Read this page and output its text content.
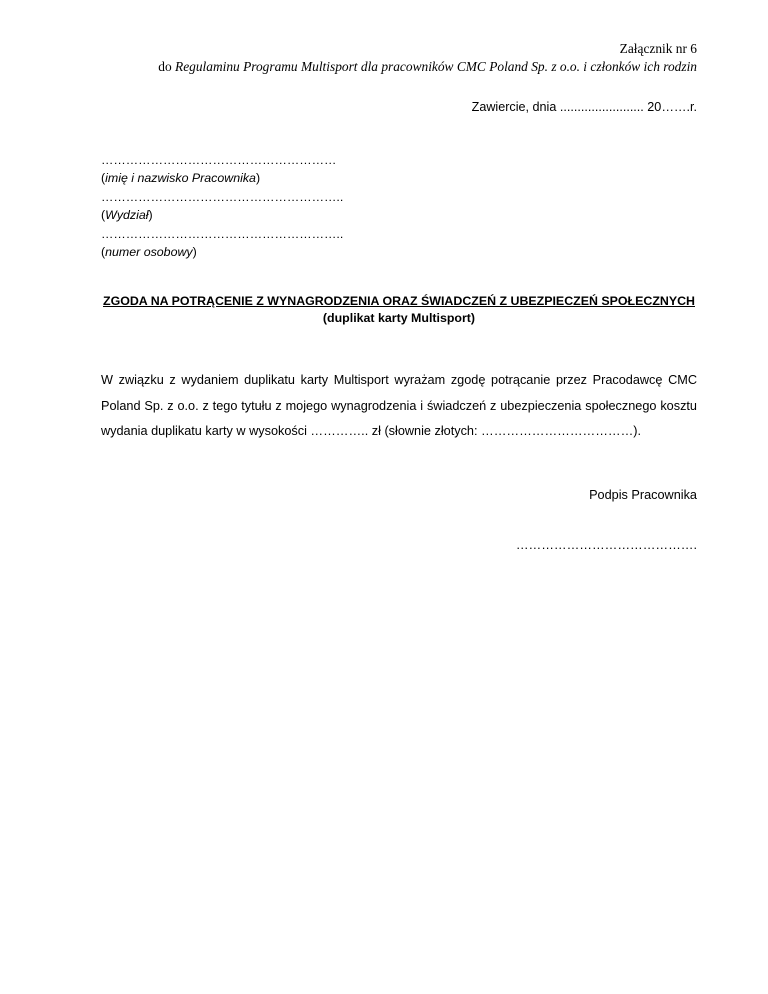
Załącznik nr 6
do Regulaminu Programu Multisport dla pracowników CMC Poland Sp. z o.o. i członków ich rodzin
Zawiercie, dnia ........................ 20…….r.
…………………………………………………
(imię i nazwisko Pracownika)
…………………………………………………..
(Wydział)
…………………………………………………..
(numer osobowy)
ZGODA NA POTRĄCENIE Z WYNAGRODZENIA ORAZ ŚWIADCZEŃ Z UBEZPIECZEŃ SPOŁECZNYCH
(duplikat karty Multisport)
W związku z wydaniem duplikatu karty Multisport wyrażam zgodę potrącanie przez Pracodawcę CMC Poland Sp. z o.o. z tego tytułu z mojego wynagrodzenia i świadczeń z ubezpieczenia społecznego kosztu wydania duplikatu karty w wysokości ………….. zł (słownie złotych: ………………………………).
Podpis Pracownika
…………………………………….
